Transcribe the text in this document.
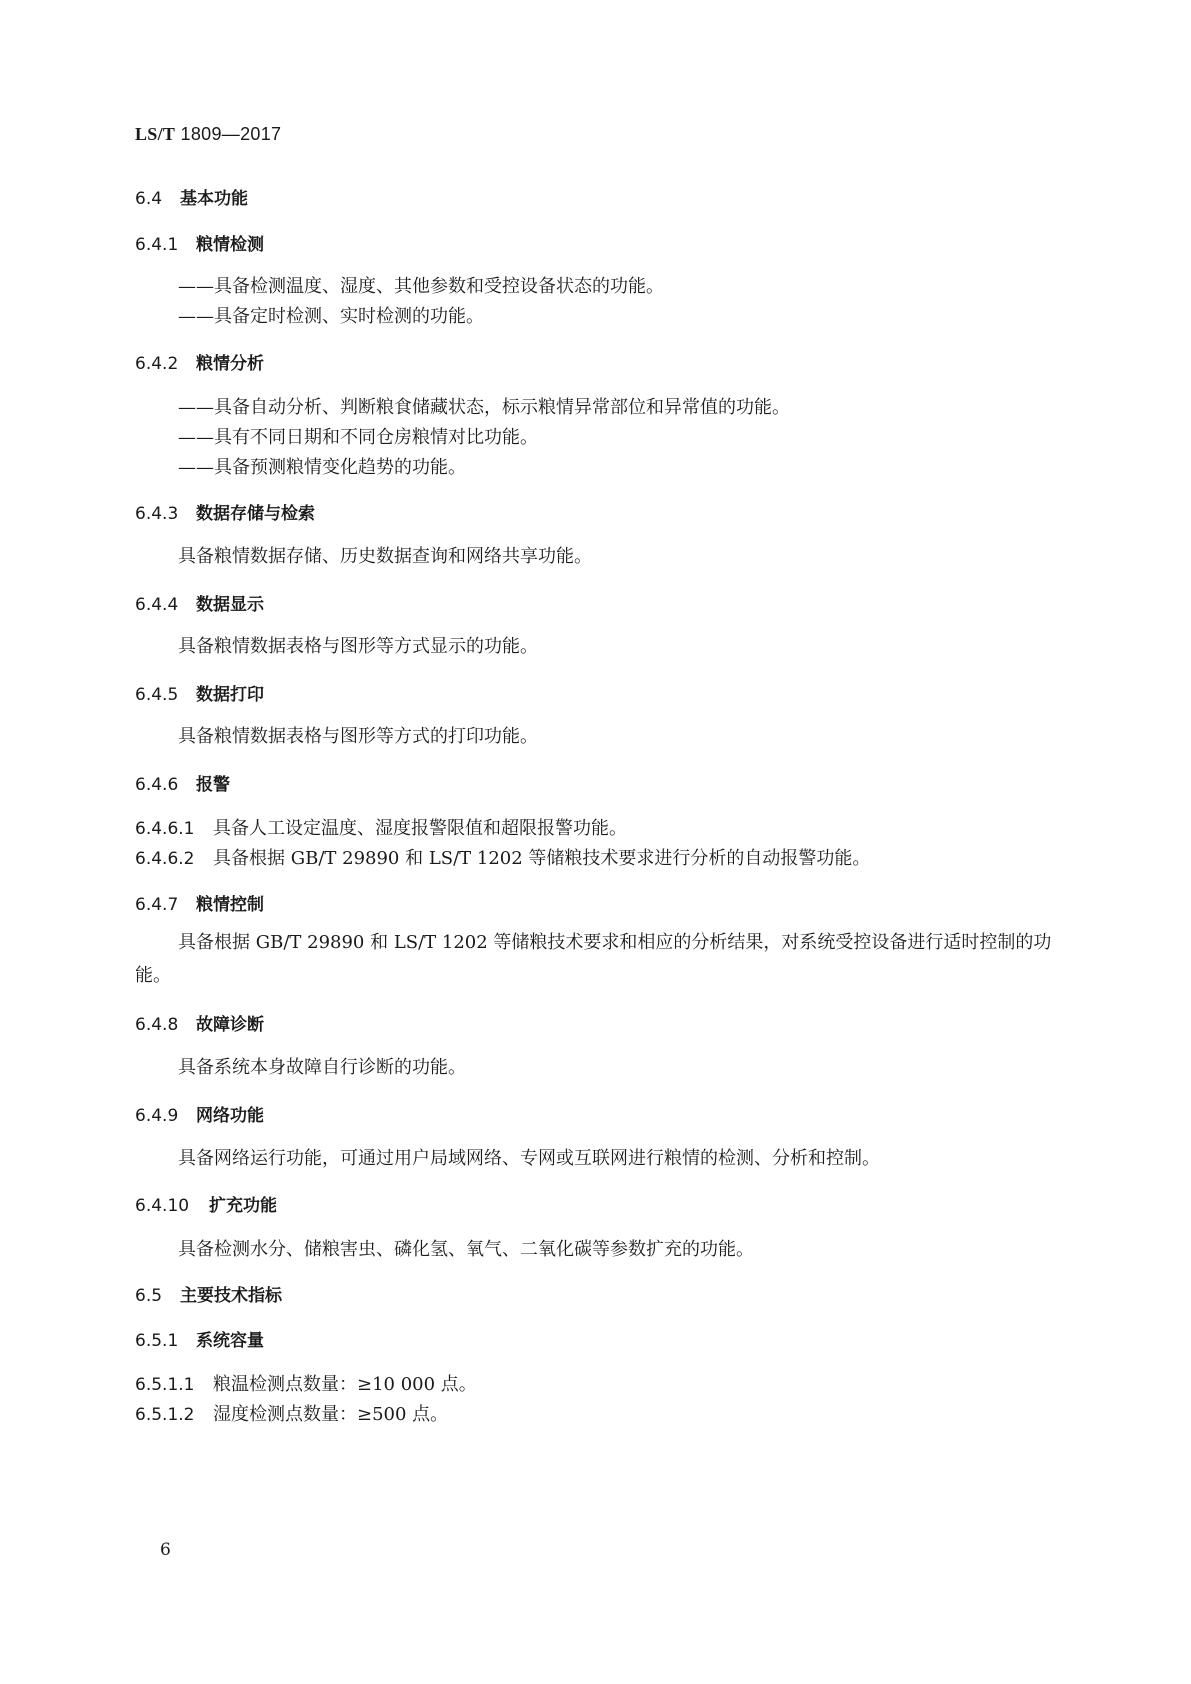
LS/T 1809—2017
6.4 基本功能
6.4.1 粮情检测
——具备检测温度、湿度、其他参数和受控设备状态的功能。
——具备定时检测、实时检测的功能。
6.4.2 粮情分析
——具备自动分析、判断粮食储藏状态，标示粮情异常部位和异常值的功能。
——具有不同日期和不同仓房粮情对比功能。
——具备预测粮情变化趋势的功能。
6.4.3 数据存储与检索
具备粮情数据存储、历史数据查询和网络共享功能。
6.4.4 数据显示
具备粮情数据表格与图形等方式显示的功能。
6.4.5 数据打印
具备粮情数据表格与图形等方式的打印功能。
6.4.6 报警
6.4.6.1 具备人工设定温度、湿度报警限值和超限报警功能。
6.4.6.2 具备根据 GB/T 29890 和 LS/T 1202 等储粮技术要求进行分析的自动报警功能。
6.4.7 粮情控制
具备根据 GB/T 29890 和 LS/T 1202 等储粮技术要求和相应的分析结果，对系统受控设备进行适时控制的功能。
6.4.8 故障诊断
具备系统本身故障自行诊断的功能。
6.4.9 网络功能
具备网络运行功能，可通过用户局域网络、专网或互联网进行粮情的检测、分析和控制。
6.4.10 扩充功能
具备检测水分、储粮害虫、磷化氢、氧气、二氧化碳等参数扩充的功能。
6.5 主要技术指标
6.5.1 系统容量
6.5.1.1 粮温检测点数量：≥10 000 点。
6.5.1.2 湿度检测点数量：≥500 点。
6
